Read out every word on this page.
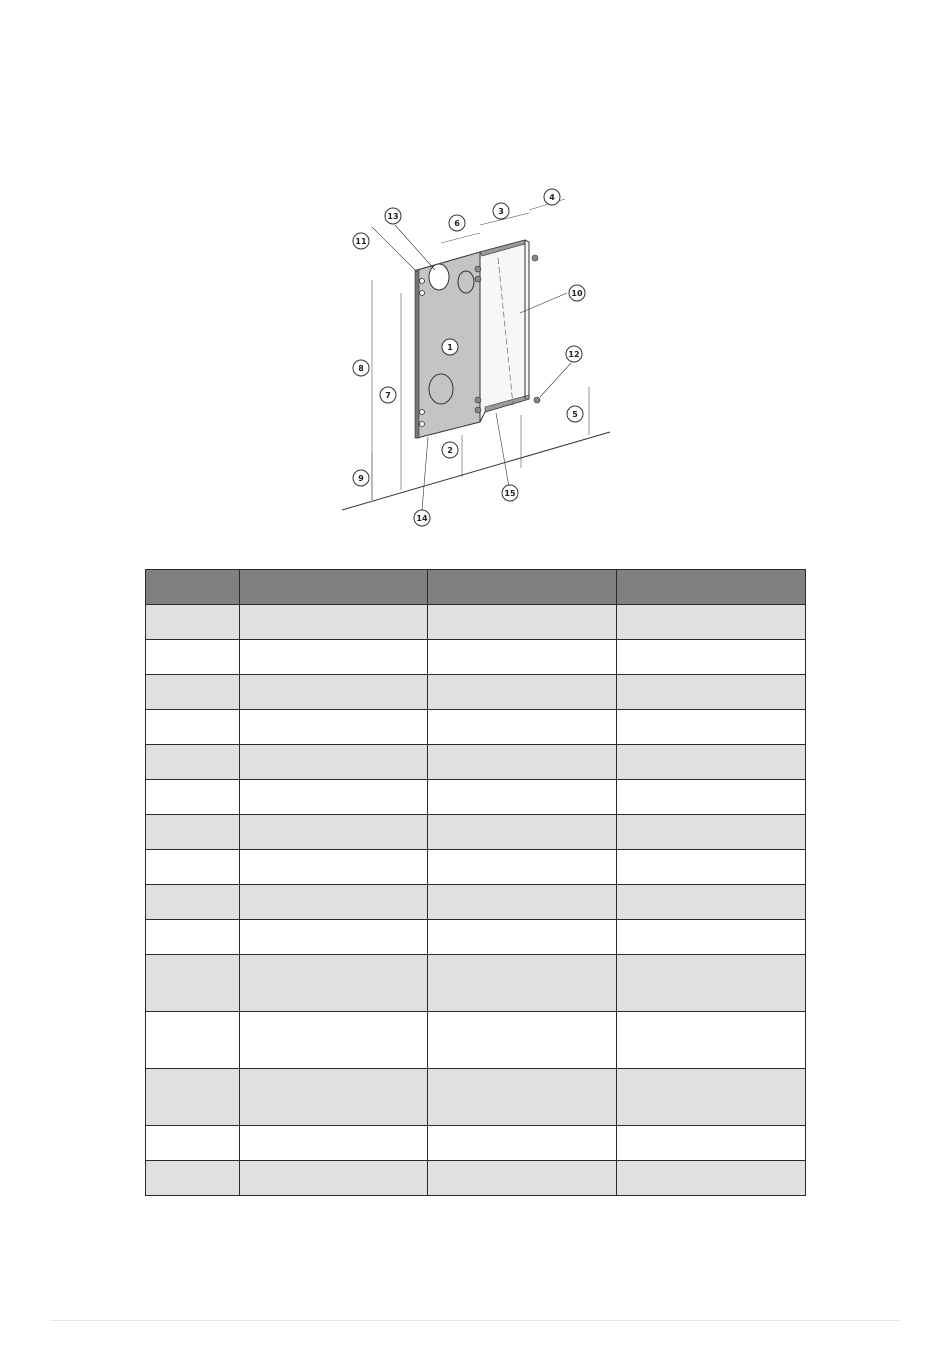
1
2
3
4
5
6
7
8
9
10
11
12
13
14
15
